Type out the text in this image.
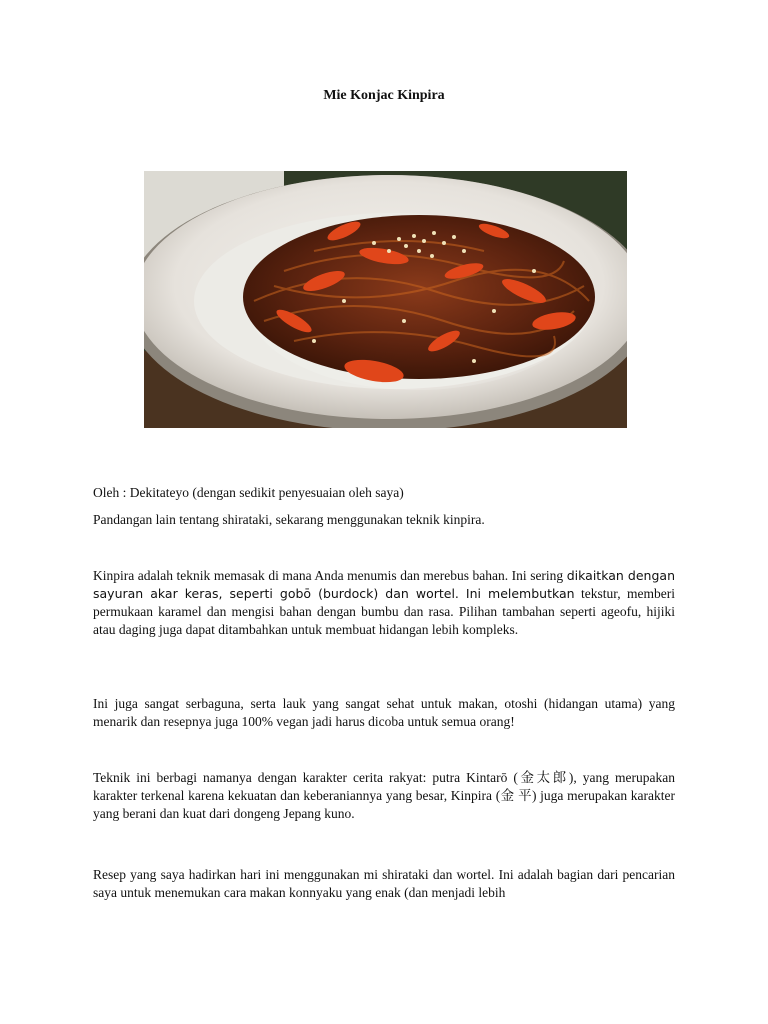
Mie Konjac Kinpira
Oleh : Dekitateyo (dengan sedikit penyesuaian oleh saya)
Pandangan lain tentang shirataki, sekarang menggunakan teknik kinpira.
Kinpira adalah teknik memasak di mana Anda menumis dan merebus bahan. Ini sering dikaitkan dengan sayuran akar keras, seperti gobō (burdock) dan wortel. Ini melembutkan tekstur, memberi permukaan karamel dan mengisi bahan dengan bumbu dan rasa. Pilihan tambahan seperti ageofu, hijiki atau daging juga dapat ditambahkan untuk membuat hidangan lebih kompleks.
Ini juga sangat serbaguna, serta lauk yang sangat sehat untuk makan, otoshi (hidangan utama) yang menarik dan resepnya juga 100% vegan jadi harus dicoba untuk semua orang!
Teknik ini berbagi namanya dengan karakter cerita rakyat: putra Kintarō (金太郎), yang merupakan karakter terkenal karena kekuatan dan keberaniannya yang besar, Kinpira (金 平) juga merupakan karakter yang berani dan kuat dari dongeng Jepang kuno.
Resep yang saya hadirkan hari ini menggunakan mi shirataki dan wortel. Ini adalah bagian dari pencarian saya untuk menemukan cara makan konnyaku yang enak (dan menjadi lebih
